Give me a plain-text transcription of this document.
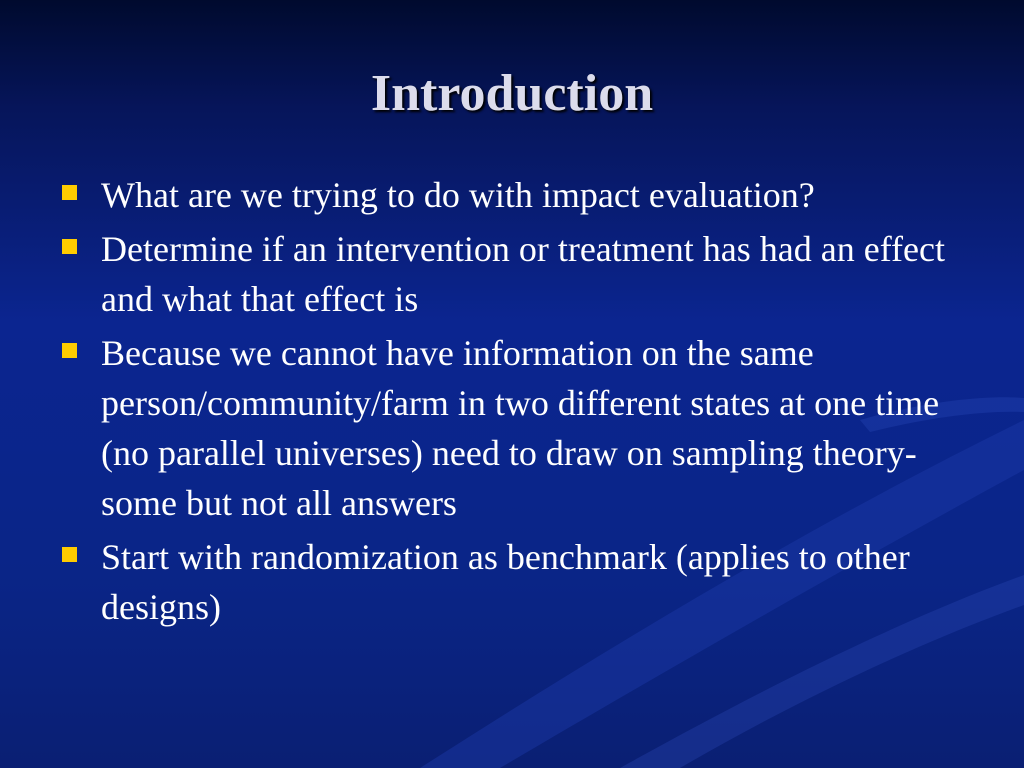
Introduction
What are we trying to do with impact evaluation?
Determine if an intervention or treatment has had an effect and what that effect is
Because we cannot have information on the same person/community/farm in two different states at one time (no parallel universes) need to draw on sampling theory-some but not all answers
Start with randomization as benchmark (applies to other designs)
